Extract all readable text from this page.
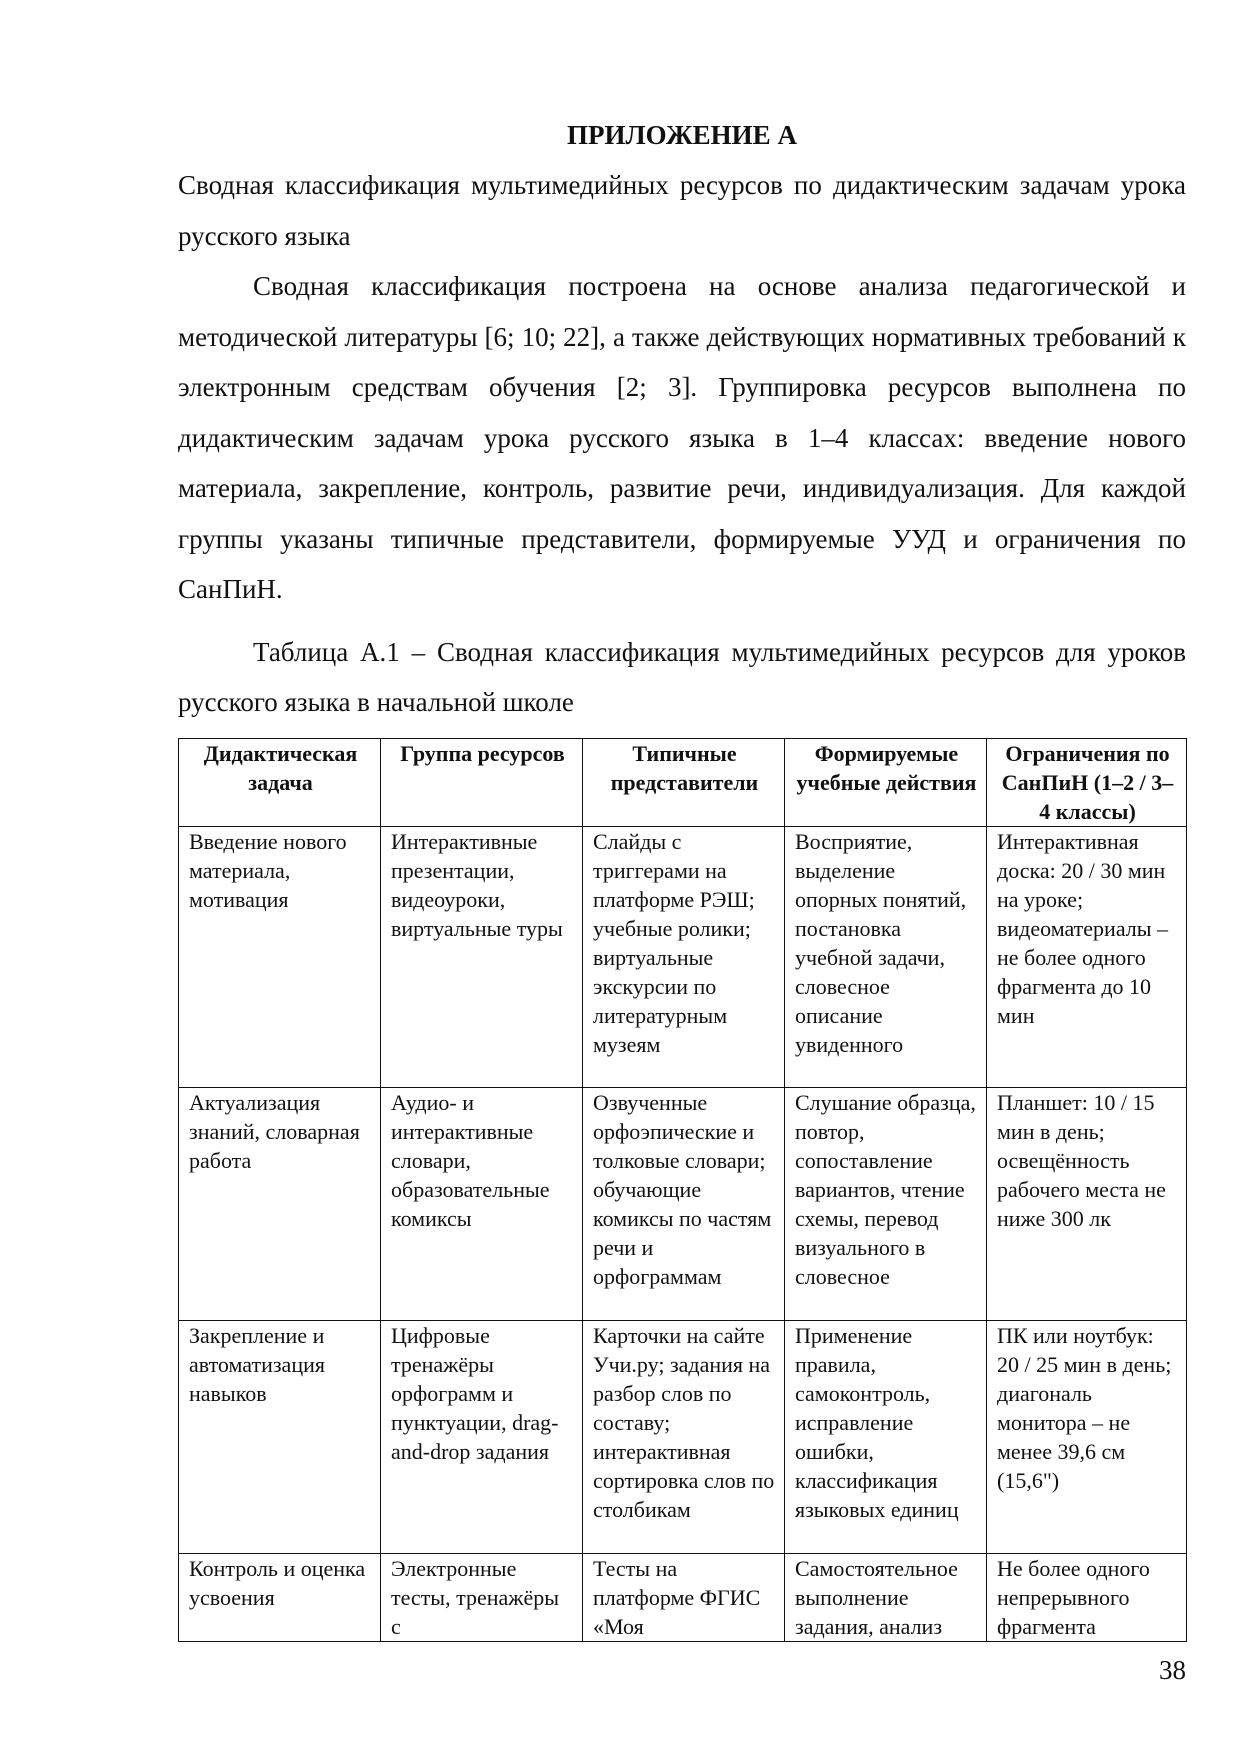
ПРИЛОЖЕНИЕ А

Сводная классификация мультимедийных ресурсов по дидактическим задачам урока русского языка

Сводная классификация построена на основе анализа педагогической и методической литературы [6; 10; 22], а также действующих нормативных требований к электронным средствам обучения [2; 3]. Группировка ресурсов выполнена по дидактическим задачам урока русского языка в 1–4 классах: введение нового материала, закрепление, контроль, развитие речи, индивидуализация. Для каждой группы указаны типичные представители, формируемые УУД и ограничения по СанПиН.

Таблица А.1 – Сводная классификация мультимедийных ресурсов для уроков русского языка в начальной школе

Дидактическая задача	Группа ресурсов	Типичные представители	Формируемые учебные действия	Ограничения по СанПиН (1–2 / 3–4 классы)
Введение нового материала, мотивация	Интерактивные презентации, видеоуроки, виртуальные туры	Слайды с триггерами на платформе РЭШ; учебные ролики; виртуальные экскурсии по литературным музеям	Восприятие, выделение опорных понятий, постановка учебной задачи, словесное описание увиденного	Интерактивная доска: 20 / 30 мин на уроке; видеоматериалы – не более одного фрагмента до 10 мин
Актуализация знаний, словарная работа	Аудио- и интерактивные словари, образовательные комиксы	Озвученные орфоэпические и толковые словари; обучающие комиксы по частям речи и орфограммам	Слушание образца, повтор, сопоставление вариантов, чтение схемы, перевод визуального в словесное	Планшет: 10 / 15 мин в день; освещённость рабочего места не ниже 300 лк
Закрепление и автоматизация навыков	Цифровые тренажёры орфограмм и пунктуации, drag-and-drop задания	Карточки на сайте Учи.ру; задания на разбор слов по составу; интерактивная сортировка слов по столбикам	Применение правила, самоконтроль, исправление ошибки, классификация языковых единиц	ПК или ноутбук: 20 / 25 мин в день; диагональ монитора – не менее 39,6 см (15,6")
Контроль и оценка усвоения	Электронные тесты, тренажёры с	Тесты на платформе ФГИС «Моя	Самостоятельное выполнение задания, анализ	Не более одного непрерывного фрагмента
38
